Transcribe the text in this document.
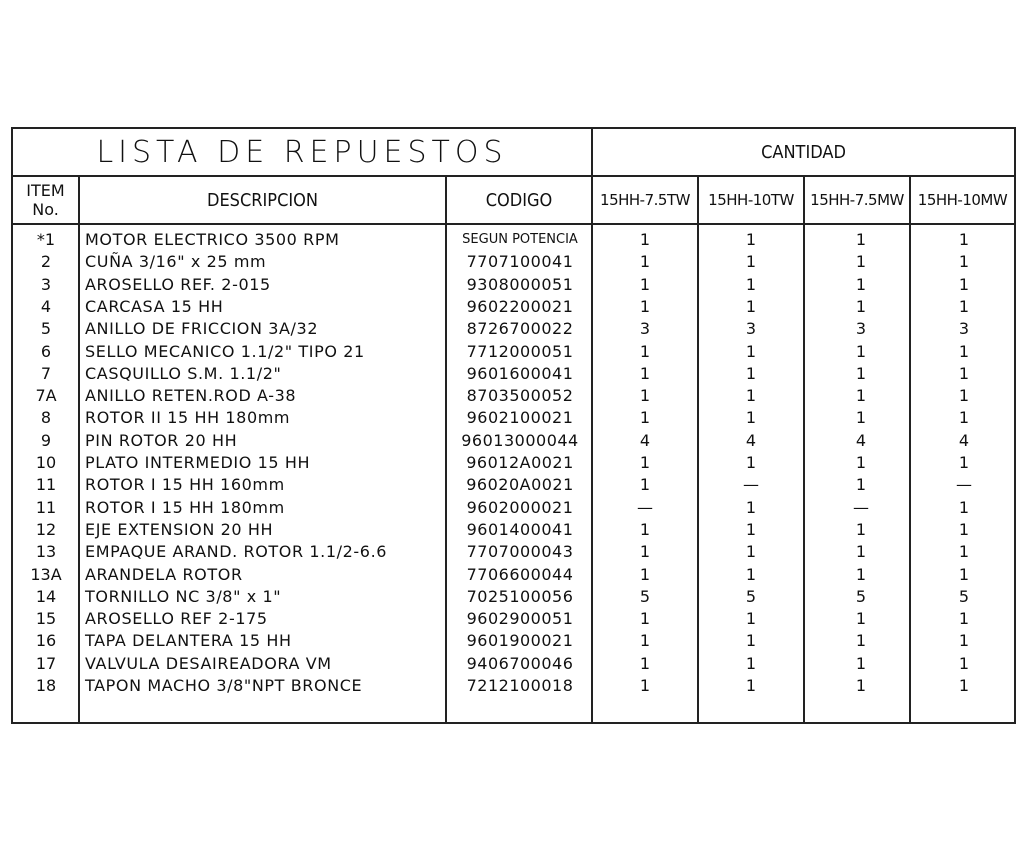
LISTA DE REPUESTOS	CANTIDAD
ITEM
No.	DESCRIPCION	CODIGO	15HH-7.5TW	15HH-10TW	15HH-7.5MW 15HH-10MW
*1	MOTOR ELECTRICO 3500 RPM	SEGUN POTENCIA	1	1	1	1
2	CUÑA 3/16" x 25 mm	7707100041	1	1	1	1
3	AROSELLO REF. 2-015	9308000051	1	1	1	1
4	CARCASA 15 HH	9602200021	1	1	1	1
5	ANILLO DE FRICCION 3A/32	8726700022	3	3	3	3
6	SELLO MECANICO 1.1/2" TIPO 21	7712000051	1	1	1	1
7	CASQUILLO S.M. 1.1/2"	9601600041	1	1	1	1
7A	ANILLO RETEN.ROD A-38	8703500052	1	1	1	1
8	ROTOR II 15 HH 180mm	9602100021	1	1	1	1
9	PIN ROTOR 20 HH	96013000044	4	4	4	4
10	PLATO INTERMEDIO 15 HH	96012A0021	1	1	1	1
11	ROTOR I 15 HH 160mm	96020A0021	1	—	1	—
11	ROTOR I 15 HH 180mm	9602000021	—	1	—	1
12	EJE EXTENSION 20 HH	9601400041	1	1	1	1
13	EMPAQUE ARAND. ROTOR 1.1/2-6.6	7707000043	1	1	1	1
13A	ARANDELA ROTOR	7706600044	1	1	1	1
14	TORNILLO NC 3/8" x 1"	7025100056	5	5	5	5
15	AROSELLO REF 2-175	9602900051	1	1	1	1
16	TAPA DELANTERA 15 HH	9601900021	1	1	1	1
17	VALVULA DESAIREADORA VM	9406700046	1	1	1	1
18	TAPON MACHO 3/8"NPT BRONCE	7212100018	1	1	1	1
